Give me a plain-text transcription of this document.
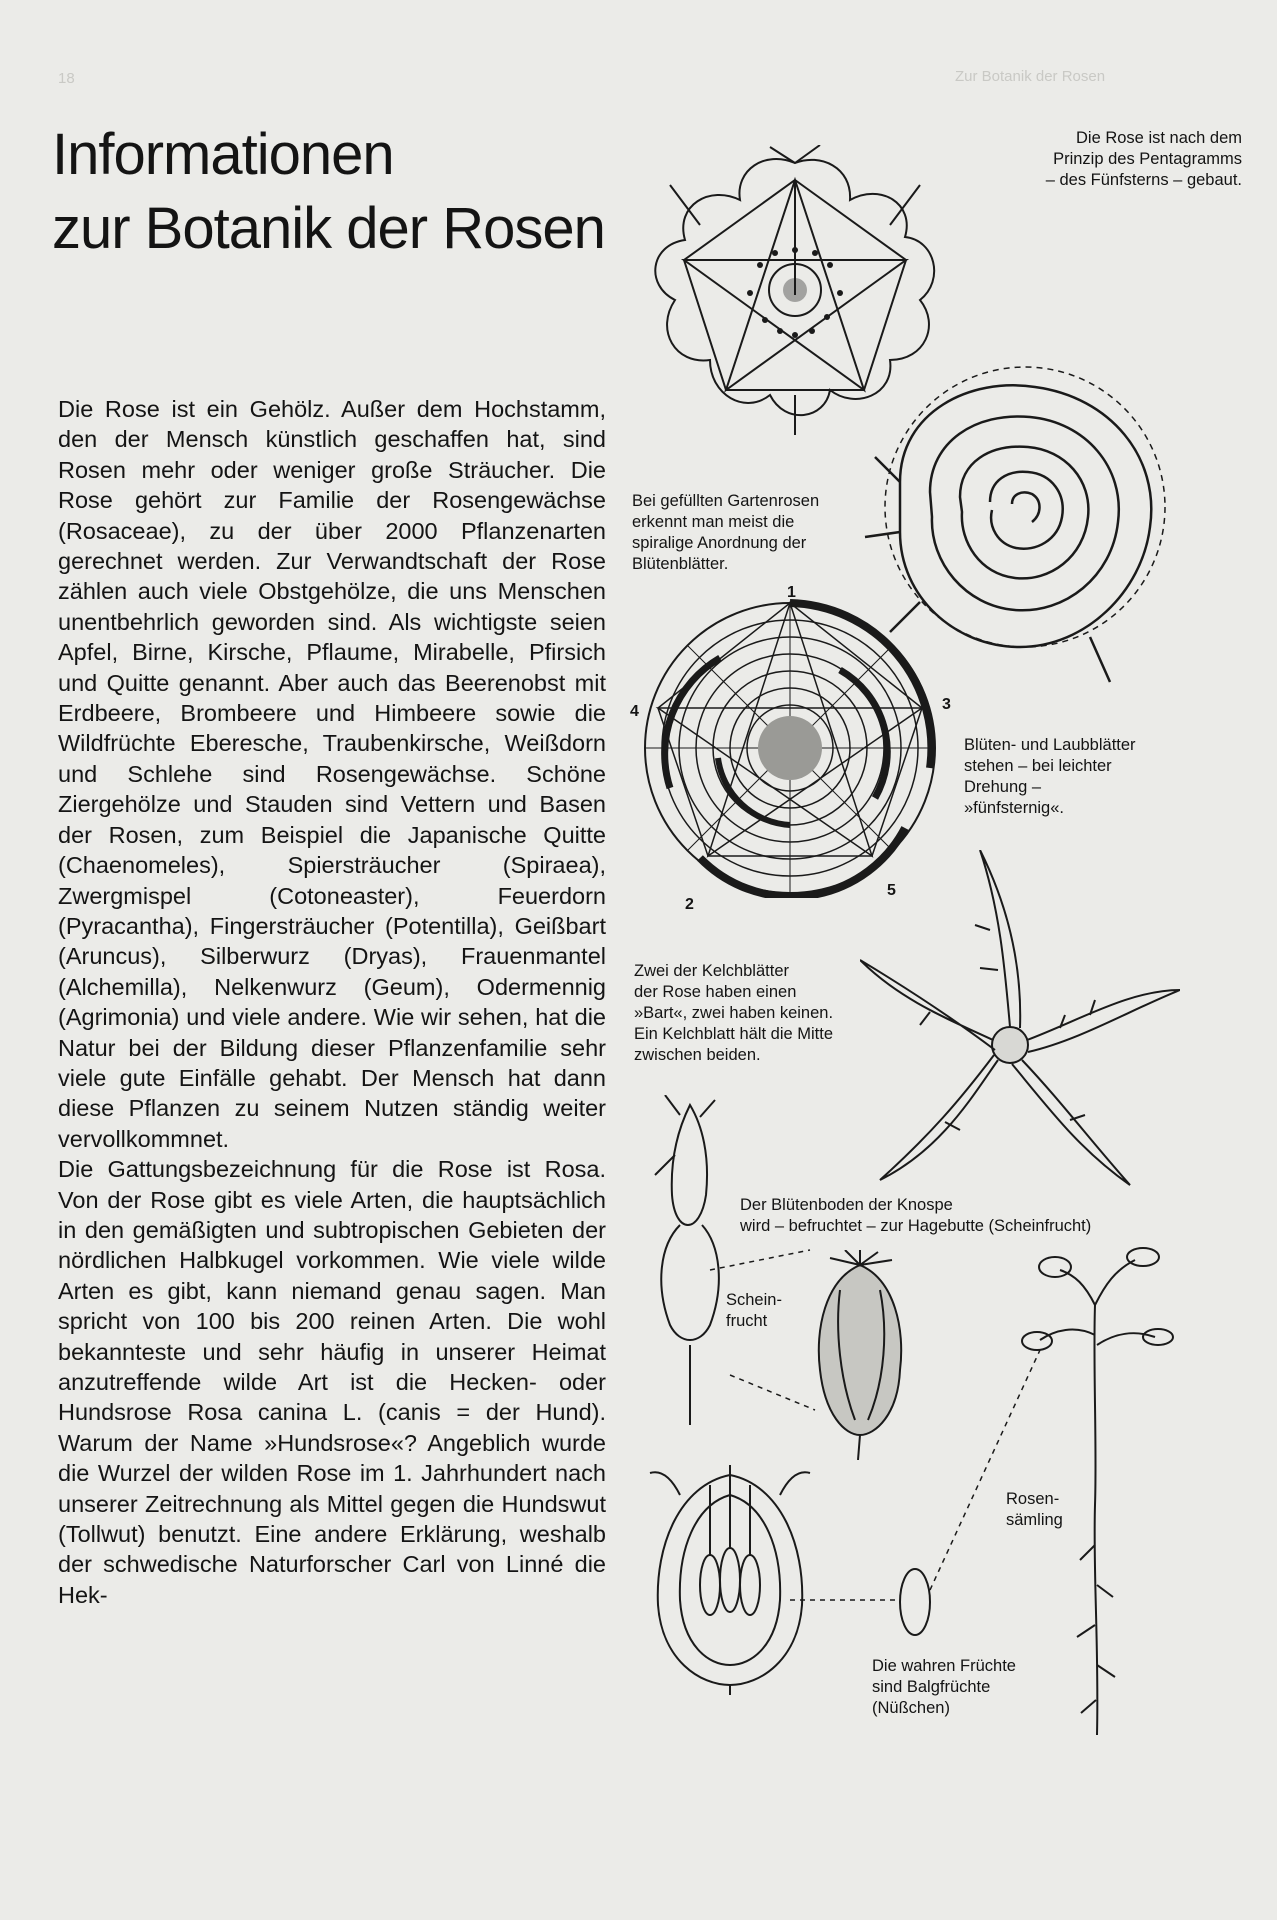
18	Zur Botanik der Rosen
Informationen
zur Botanik der Rosen

Die Rose ist ein Gehölz. Außer dem Hochstamm, den der Mensch künstlich geschaffen hat, sind Rosen mehr oder weniger große Sträucher. Die Rose gehört zur Familie der Rosengewächse (Rosaceae), zu der über 2000 Pflanzenarten gerechnet werden. Zur Verwandtschaft der Rose zählen auch viele Obstgehölze, die uns Menschen unentbehrlich geworden sind. Als wichtigste seien Apfel, Birne, Kirsche, Pflaume, Mirabelle, Pfirsich und Quitte genannt. Aber auch das Beerenobst mit Erdbeere, Brombeere und Himbeere sowie die Wildfrüchte Eberesche, Traubenkirsche, Weißdorn und Schlehe sind Rosengewächse. Schöne Ziergehölze und Stauden sind Vettern und Basen der Rosen, zum Beispiel die Japanische Quitte (Chaenomeles), Spiersträucher (Spiraea), Zwergmispel (Cotoneaster), Feuerdorn (Pyracantha), Fingersträucher (Potentilla), Geißbart (Aruncus), Silberwurz (Dryas), Frauenmantel (Alchemilla), Nelkenwurz (Geum), Odermennig (Agrimonia) und viele andere. Wie wir sehen, hat die Natur bei der Bildung dieser Pflanzenfamilie sehr viele gute Einfälle gehabt. Der Mensch hat dann diese Pflanzen zu seinem Nutzen ständig weiter vervollkommnet.

Die Gattungsbezeichnung für die Rose ist Rosa. Von der Rose gibt es viele Arten, die hauptsächlich in den gemäßigten und subtropischen Gebieten der nördlichen Halbkugel vorkommen. Wie viele wilde Arten es gibt, kann niemand genau sagen. Man spricht von 100 bis 200 reinen Arten. Die wohl bekannteste und sehr häufig in unserer Heimat anzutreffende wilde Art ist die Hecken- oder Hundsrose Rosa canina L. (canis = der Hund). Warum der Name »Hundsrose«? Angeblich wurde die Wurzel der wilden Rose im 1. Jahrhundert nach unserer Zeitrechnung als Mittel gegen die Hundswut (Tollwut) benutzt. Eine andere Erklärung, weshalb der schwedische Naturforscher Carl von Linné die Hek-

Die Rose ist nach dem
Prinzip des Pentagramms
– des Fünfsterns – gebaut.
Bei gefüllten Gartenrosen
erkennt man meist die
spiralige Anordnung der
Blütenblätter.
1
2
3
4
5
Blüten- und Laubblätter
stehen – bei leichter
Drehung –
»fünfsternig«.
Zwei der Kelchblätter
der Rose haben einen
»Bart«, zwei haben keinen.
Ein Kelchblatt hält die Mitte
zwischen beiden.
Der Blütenboden der Knospe
wird – befruchtet – zur Hagebutte (Scheinfrucht)
Schein-
frucht
Die wahren Früchte
sind Balgfrüchte
(Nüßchen)
Rosen-
sämling
